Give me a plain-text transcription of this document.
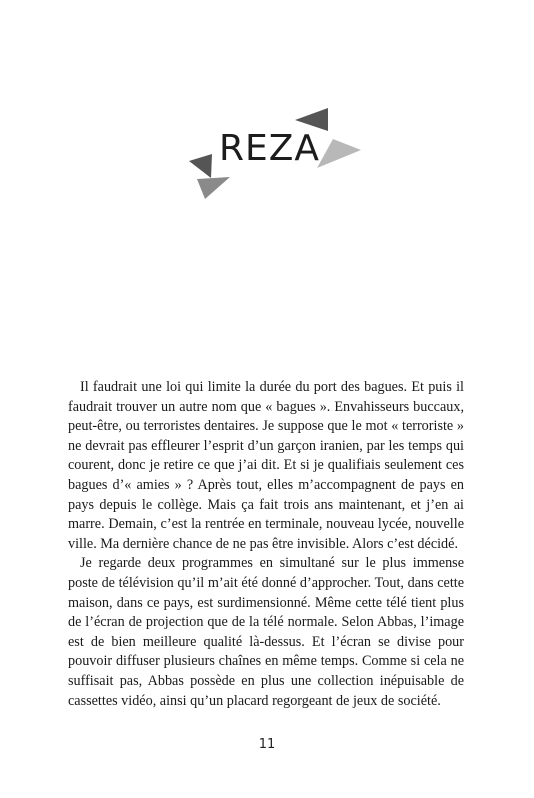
REZA

Il faudrait une loi qui limite la durée du port des bagues. Et puis il faudrait trouver un autre nom que « bagues ». Envahisseurs buccaux, peut-être, ou terroristes dentaires. Je suppose que le mot « terroriste » ne devrait pas effleurer l’esprit d’un garçon iranien, par les temps qui courent, donc je retire ce que j’ai dit. Et si je qualifiais seulement ces bagues d’« amies » ? Après tout, elles m’accompagnent de pays en pays depuis le collège. Mais ça fait trois ans maintenant, et j’en ai marre. Demain, c’est la rentrée en terminale, nouveau lycée, nouvelle ville. Ma dernière chance de ne pas être invisible. Alors c’est décidé.

Je regarde deux programmes en simultané sur le plus immense poste de télévision qu’il m’ait été donné d’approcher. Tout, dans cette maison, dans ce pays, est surdimensionné. Même cette télé tient plus de l’écran de projection que de la télé normale. Selon Abbas, l’image est de bien meilleure qualité là-dessus. Et l’écran se divise pour pouvoir diffuser plusieurs chaînes en même temps. Comme si cela ne suffisait pas, Abbas possède en plus une collection inépuisable de cassettes vidéo, ainsi qu’un placard regorgeant de jeux de société.

11
